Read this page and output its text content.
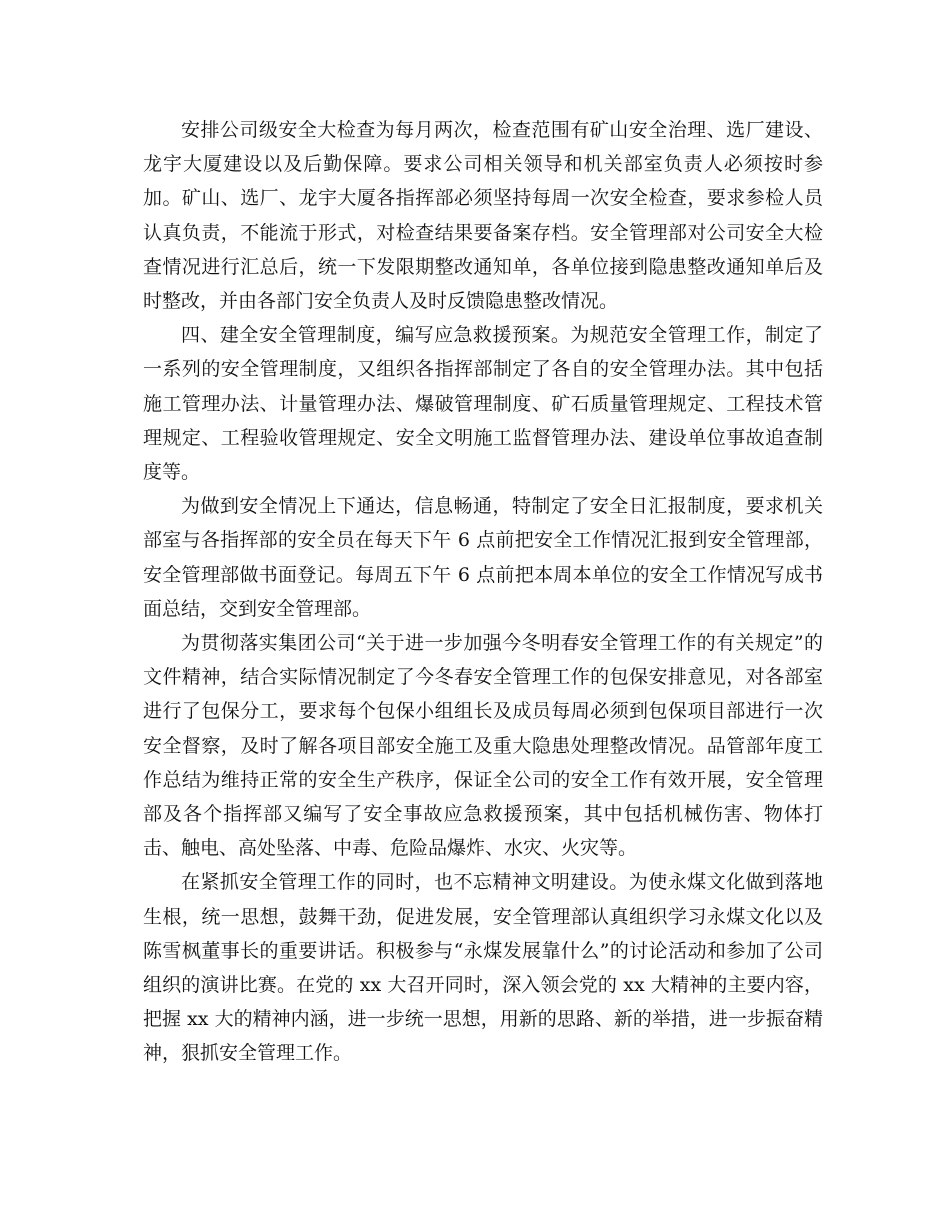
安排公司级安全大检查为每月两次，检查范围有矿山安全治理、选厂建设、龙宇大厦建设以及后勤保障。要求公司相关领导和机关部室负责人必须按时参加。矿山、选厂、龙宇大厦各指挥部必须坚持每周一次安全检查，要求参检人员认真负责，不能流于形式，对检查结果要备案存档。安全管理部对公司安全大检查情况进行汇总后，统一下发限期整改通知单，各单位接到隐患整改通知单后及时整改，并由各部门安全负责人及时反馈隐患整改情况。

四、建全安全管理制度，编写应急救援预案。为规范安全管理工作，制定了一系列的安全管理制度，又组织各指挥部制定了各自的安全管理办法。其中包括施工管理办法、计量管理办法、爆破管理制度、矿石质量管理规定、工程技术管理规定、工程验收管理规定、安全文明施工监督管理办法、建设单位事故追查制度等。

为做到安全情况上下通达，信息畅通，特制定了安全日汇报制度，要求机关部室与各指挥部的安全员在每天下午 6 点前把安全工作情况汇报到安全管理部，安全管理部做书面登记。每周五下午 6 点前把本周本单位的安全工作情况写成书面总结，交到安全管理部。

为贯彻落实集团公司“关于进一步加强今冬明春安全管理工作的有关规定”的文件精神，结合实际情况制定了今冬春安全管理工作的包保安排意见，对各部室进行了包保分工，要求每个包保小组组长及成员每周必须到包保项目部进行一次安全督察，及时了解各项目部安全施工及重大隐患处理整改情况。品管部年度工作总结为维持正常的安全生产秩序，保证全公司的安全工作有效开展，安全管理部及各个指挥部又编写了安全事故应急救援预案，其中包括机械伤害、物体打击、触电、高处坠落、中毒、危险品爆炸、水灾、火灾等。

在紧抓安全管理工作的同时，也不忘精神文明建设。为使永煤文化做到落地生根，统一思想，鼓舞干劲，促进发展，安全管理部认真组织学习永煤文化以及陈雪枫董事长的重要讲话。积极参与“永煤发展靠什么”的讨论活动和参加了公司组织的演讲比赛。在党的 xx 大召开同时，深入领会党的 xx 大精神的主要内容，把握 xx 大的精神内涵，进一步统一思想，用新的思路、新的举措，进一步振奋精神，狠抓安全管理工作。
